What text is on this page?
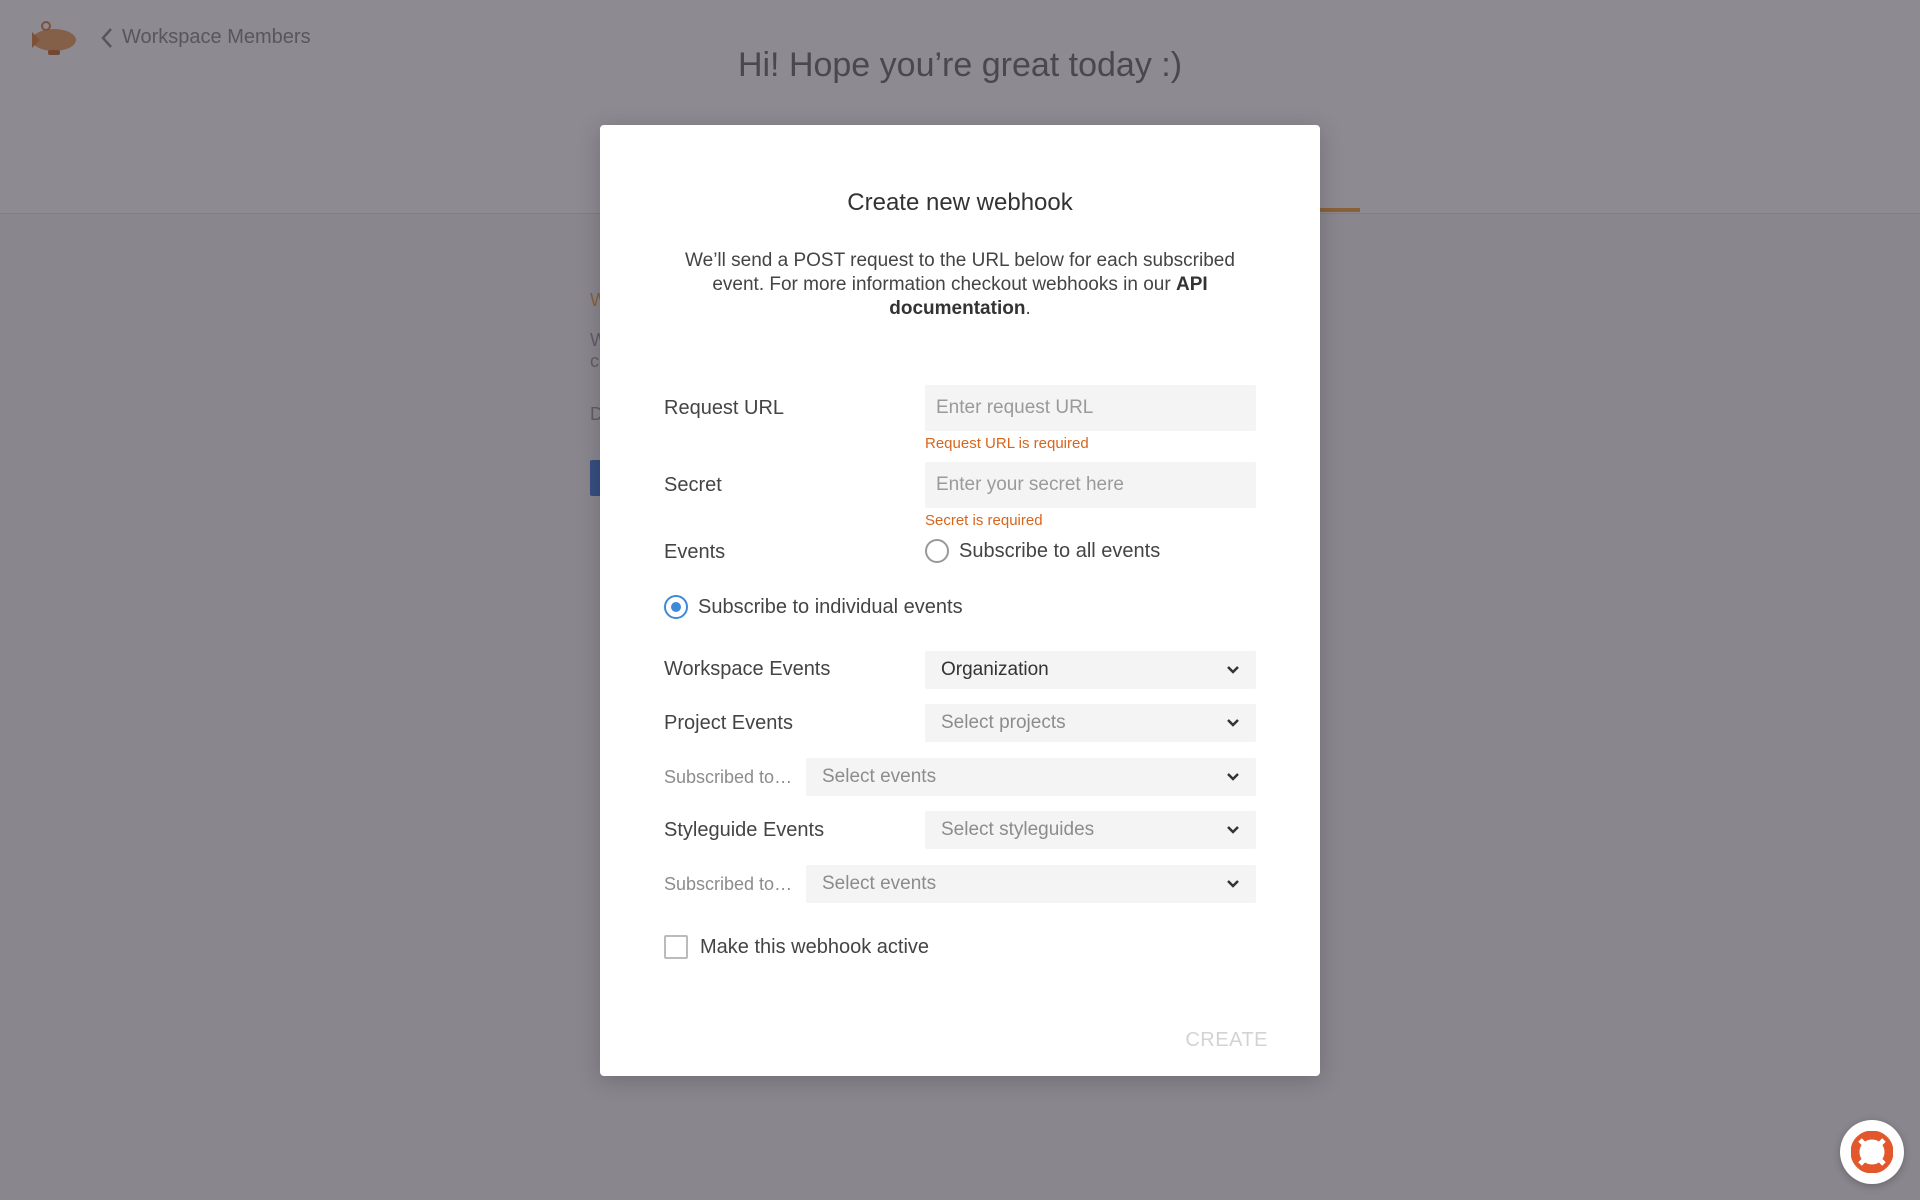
Create new webhook
We’ll send a POST request to the URL below for each subscribed event. For more information checkout webhooks in our API documentation.
Request URL
Enter request URL
Request URL is required
Secret
Enter your secret here
Secret is required
Events	Subscribe to all events
Subscribe to individual events
Workspace Events	Organization
Project Events	Select projects
Subscribed to… Select events
Styleguide Events	Select styleguides
Subscribed to… Select events
Make this webhook active
CREATE
